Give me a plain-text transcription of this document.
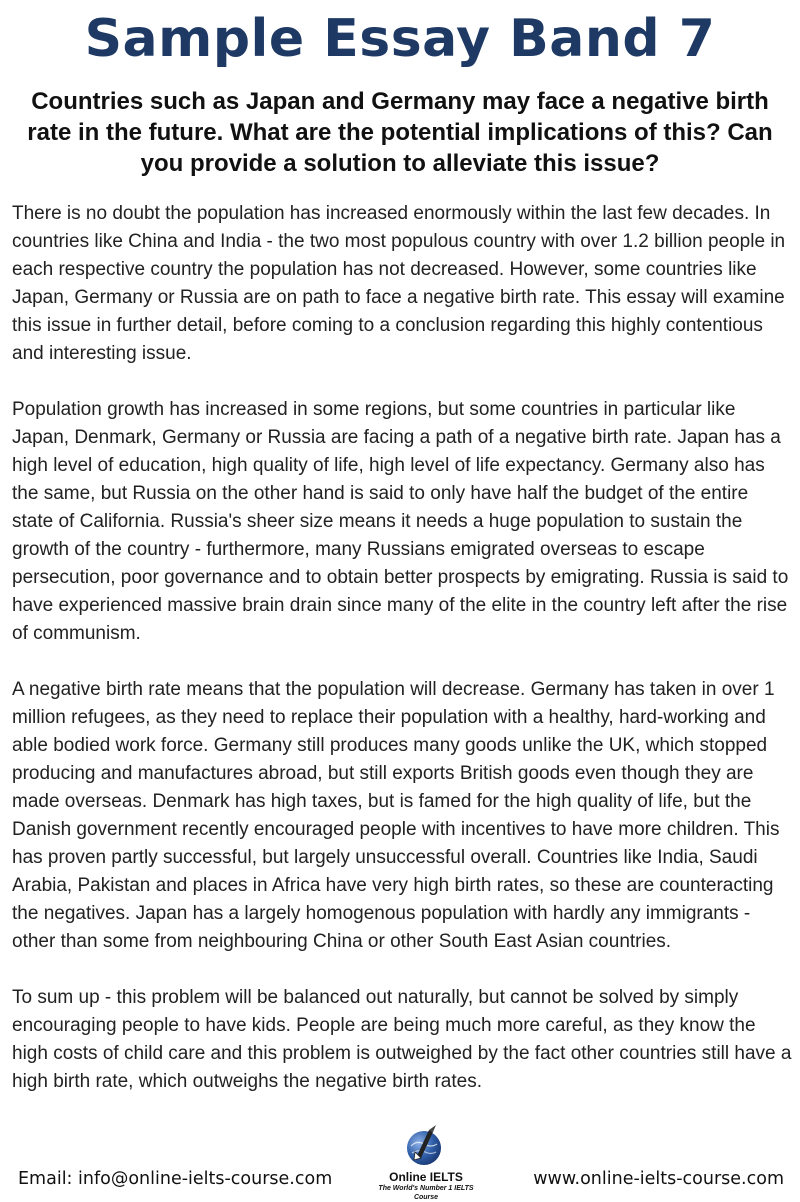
Sample Essay Band 7
Countries such as Japan and Germany may face a negative birth rate in the future. What are the potential implications of this? Can you provide a solution to alleviate this issue?

There is no doubt the population has increased enormously within the last few decades. In countries like China and India - the two most populous country with over 1.2 billion people in each respective country the population has not decreased. However, some countries like Japan, Germany or Russia are on path to face a negative birth rate. This essay will examine this issue in further detail, before coming to a conclusion regarding this highly contentious and interesting issue.

Population growth has increased in some regions, but some countries in particular like Japan, Denmark, Germany or Russia are facing a path of a negative birth rate. Japan has a high level of education, high quality of life, high level of life expectancy. Germany also has the same, but Russia on the other hand is said to only have half the budget of the entire state of California. Russia's sheer size means it needs a huge population to sustain the growth of the country - furthermore, many Russians emigrated overseas to escape persecution, poor governance and to obtain better prospects by emigrating. Russia is said to have experienced massive brain drain since many of the elite in the country left after the rise of communism.

A negative birth rate means that the population will decrease. Germany has taken in over 1 million refugees, as they need to replace their population with a healthy, hard-working and able bodied work force. Germany still produces many goods unlike the UK, which stopped producing and manufactures abroad, but still exports British goods even though they are made overseas. Denmark has high taxes, but is famed for the high quality of life, but the Danish government recently encouraged people with incentives to have more children. This has proven partly successful, but largely unsuccessful overall. Countries like India, Saudi Arabia, Pakistan and places in Africa have very high birth rates, so these are counteracting the negatives. Japan has a largely homogenous population with hardly any immigrants - other than some from neighbouring China or other South East Asian countries.

To sum up - this problem will be balanced out naturally, but cannot be solved by simply encouraging people to have kids. People are being much more careful, as they know the high costs of child care and this problem is outweighed by the fact other countries still have a high birth rate, which outweighs the negative birth rates.

Email: info@online-ielts-course.com	Online IELTS
The World's Number 1 IELTS Course
www.online-ielts-course.com
